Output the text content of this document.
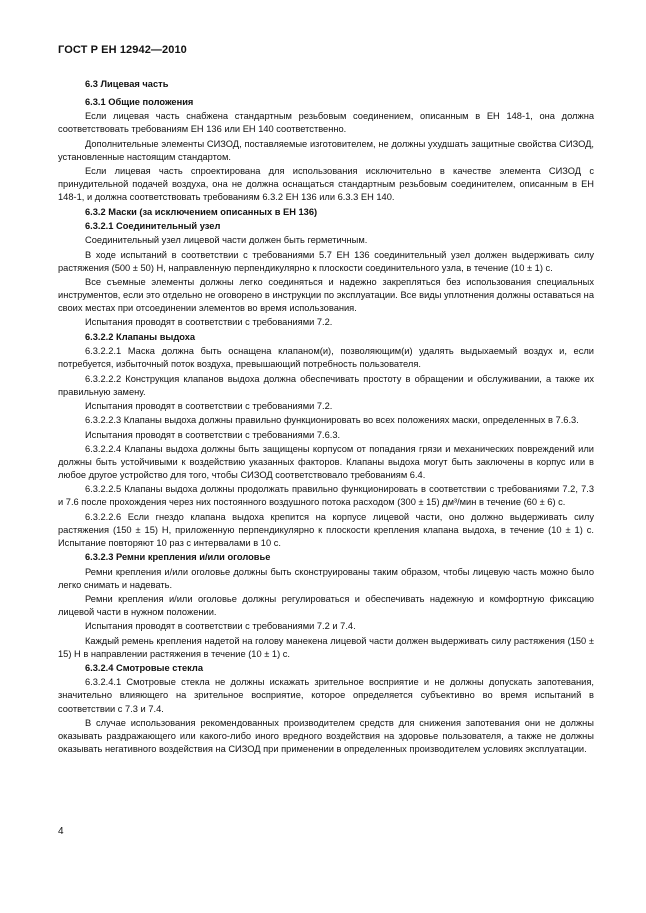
ГОСТ Р ЕН 12942—2010
6.3 Лицевая часть
6.3.1 Общие положения

Если лицевая часть снабжена стандартным резьбовым соединением, описанным в ЕН 148-1, она должна соответствовать требованиям ЕН 136 или ЕН 140 соответственно.

Дополнительные элементы СИЗОД, поставляемые изготовителем, не должны ухудшать защитные свойства СИЗОД, установленные настоящим стандартом.

Если лицевая часть спроектирована для использования исключительно в качестве элемента СИЗОД с принудительной подачей воздуха, она не должна оснащаться стандартным резьбовым соединителем, описанным в ЕН 148-1, и должна соответствовать требованиям 6.3.2 ЕН 136 или 6.3.3 ЕН 140.

6.3.2 Маски (за исключением описанных в ЕН 136)
6.3.2.1 Соединительный узел

Соединительный узел лицевой части должен быть герметичным.

В ходе испытаний в соответствии с требованиями 5.7 ЕН 136 соединительный узел должен выдерживать силу растяжения (500 ± 50) Н, направленную перпендикулярно к плоскости соединительного узла, в течение (10 ± 1) с.

Все съемные элементы должны легко соединяться и надежно закрепляться без использования специальных инструментов, если это отдельно не оговорено в инструкции по эксплуатации. Все виды уплотнения должны оставаться на своих местах при отсоединении элементов во время использования.

Испытания проводят в соответствии с требованиями 7.2.

6.3.2.2 Клапаны выдоха

6.3.2.2.1 Маска должна быть оснащена клапаном(и), позволяющим(и) удалять выдыхаемый воздух и, если потребуется, избыточный поток воздуха, превышающий потребность пользователя.

6.3.2.2.2 Конструкция клапанов выдоха должна обеспечивать простоту в обращении и обслуживании, а также их правильную замену.

Испытания проводят в соответствии с требованиями 7.2.

6.3.2.2.3 Клапаны выдоха должны правильно функционировать во всех положениях маски, определенных в 7.6.3.

Испытания проводят в соответствии с требованиями 7.6.3.

6.3.2.2.4 Клапаны выдоха должны быть защищены корпусом от попадания грязи и механических повреждений или должны быть устойчивыми к воздействию указанных факторов. Клапаны выдоха могут быть заключены в корпус или в любое другое устройство для того, чтобы СИЗОД соответствовало требованиям 6.4.

6.3.2.2.5 Клапаны выдоха должны продолжать правильно функционировать в соответствии с требованиями 7.2, 7.3 и 7.6 после прохождения через них постоянного воздушного потока расходом (300 ± 15) дм³/мин в течение (60 ± 6) с.

6.3.2.2.6 Если гнездо клапана выдоха крепится на корпусе лицевой части, оно должно выдерживать силу растяжения (150 ± 15) Н, приложенную перпендикулярно к плоскости крепления клапана выдоха, в течение (10 ± 1) с. Испытание повторяют 10 раз с интервалами в 10 с.

6.3.2.3 Ремни крепления и/или оголовье

Ремни крепления и/или оголовье должны быть сконструированы таким образом, чтобы лицевую часть можно было легко снимать и надевать.

Ремни крепления и/или оголовье должны регулироваться и обеспечивать надежную и комфортную фиксацию лицевой части в нужном положении.

Испытания проводят в соответствии с требованиями 7.2 и 7.4.

Каждый ремень крепления надетой на голову манекена лицевой части должен выдерживать силу растяжения (150 ± 15) Н в направлении растяжения в течение (10 ± 1) с.

6.3.2.4 Смотровые стекла

6.3.2.4.1 Смотровые стекла не должны искажать зрительное восприятие и не должны допускать запотевания, значительно влияющего на зрительное восприятие, которое определяется субъективно во время испытаний в соответствии с 7.3 и 7.4.

В случае использования рекомендованных производителем средств для снижения запотевания они не должны оказывать раздражающего или какого-либо иного вредного воздействия на здоровье пользователя, а также не должны оказывать негативного воздействия на СИЗОД при применении в определенных производителем условиях эксплуатации.

4
